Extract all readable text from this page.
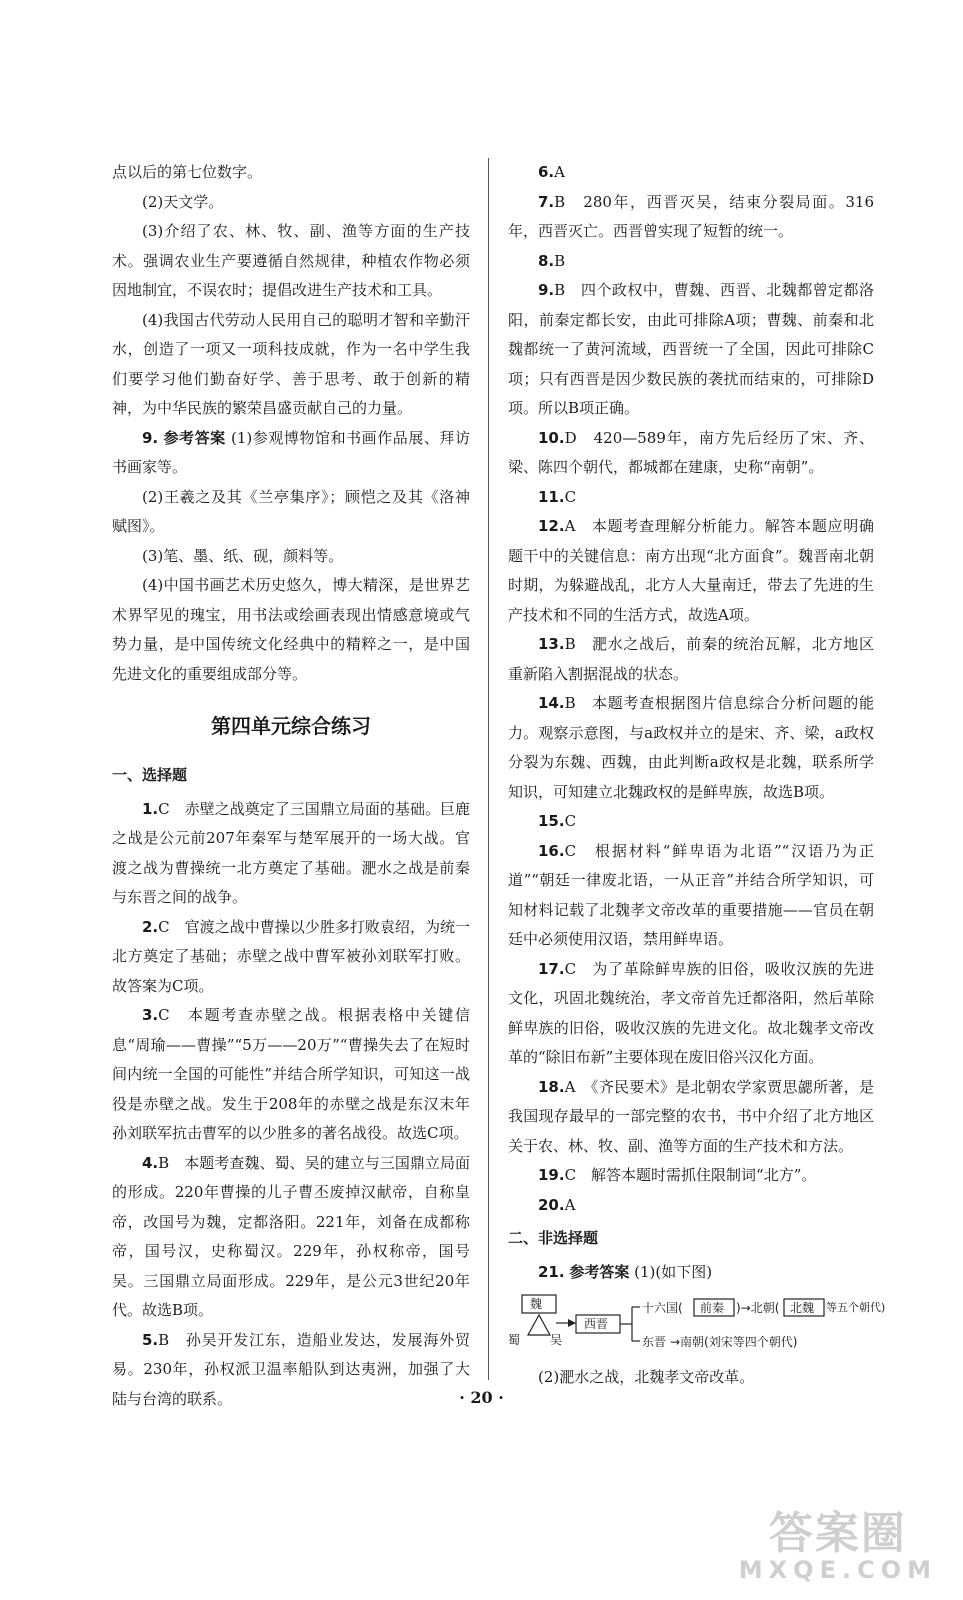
点以后的第七位数字。

(2)天文学。

(3)介绍了农、林、牧、副、渔等方面的生产技术。强调农业生产要遵循自然规律，种植农作物必须因地制宜，不误农时；提倡改进生产技术和工具。

(4)我国古代劳动人民用自己的聪明才智和辛勤汗水，创造了一项又一项科技成就，作为一名中学生我们要学习他们勤奋好学、善于思考、敢于创新的精神，为中华民族的繁荣昌盛贡献自己的力量。

9. 参考答案 (1)参观博物馆和书画作品展、拜访书画家等。

(2)王羲之及其《兰亭集序》；顾恺之及其《洛神赋图》。

(3)笔、墨、纸、砚，颜料等。

(4)中国书画艺术历史悠久，博大精深，是世界艺术界罕见的瑰宝，用书法或绘画表现出情感意境或气势力量，是中国传统文化经典中的精粹之一，是中国先进文化的重要组成部分等。

第四单元综合练习
一、选择题

1.C　赤壁之战奠定了三国鼎立局面的基础。巨鹿之战是公元前207年秦军与楚军展开的一场大战。官渡之战为曹操统一北方奠定了基础。淝水之战是前秦与东晋之间的战争。

2.C　官渡之战中曹操以少胜多打败袁绍，为统一北方奠定了基础；赤壁之战中曹军被孙刘联军打败。故答案为C项。

3.C　本题考查赤壁之战。根据表格中关键信息“周瑜——曹操”“5万——20万”“曹操失去了在短时间内统一全国的可能性”并结合所学知识，可知这一战役是赤壁之战。发生于208年的赤壁之战是东汉末年孙刘联军抗击曹军的以少胜多的著名战役。故选C项。

4.B　本题考查魏、蜀、吴的建立与三国鼎立局面的形成。220年曹操的儿子曹丕废掉汉献帝，自称皇帝，改国号为魏，定都洛阳。221年，刘备在成都称帝，国号汉，史称蜀汉。229年，孙权称帝，国号吴。三国鼎立局面形成。229年，是公元3世纪20年代。故选B项。

5.B　孙吴开发江东，造船业发达，发展海外贸易。230年，孙权派卫温率船队到达夷洲，加强了大陆与台湾的联系。

6.A

7.B　280年，西晋灭吴，结束分裂局面。316年，西晋灭亡。西晋曾实现了短暂的统一。

8.B

9.B　四个政权中，曹魏、西晋、北魏都曾定都洛阳，前秦定都长安，由此可排除A项；曹魏、前秦和北魏都统一了黄河流域，西晋统一了全国，因此可排除C项；只有西晋是因少数民族的袭扰而结束的，可排除D项。所以B项正确。

10.D　420—589年，南方先后经历了宋、齐、梁、陈四个朝代，都城都在建康，史称“南朝”。

11.C

12.A　本题考查理解分析能力。解答本题应明确题干中的关键信息：南方出现“北方面食”。魏晋南北朝时期，为躲避战乱，北方人大量南迁，带去了先进的生产技术和不同的生活方式，故选A项。

13.B　淝水之战后，前秦的统治瓦解，北方地区重新陷入割据混战的状态。

14.B　本题考查根据图片信息综合分析问题的能力。观察示意图，与a政权并立的是宋、齐、梁，a政权分裂为东魏、西魏，由此判断a政权是北魏，联系所学知识，可知建立北魏政权的是鲜卑族，故选B项。

15.C

16.C　根据材料“鲜卑语为北语”“汉语乃为正道”“朝廷一律废北语，一从正音”并结合所学知识，可知材料记载了北魏孝文帝改革的重要措施——官员在朝廷中必须使用汉语，禁用鲜卑语。

17.C　为了革除鲜卑族的旧俗，吸收汉族的先进文化，巩固北魏统治，孝文帝首先迁都洛阳，然后革除鲜卑族的旧俗，吸收汉族的先进文化。故北魏孝文帝改革的“除旧布新”主要体现在废旧俗兴汉化方面。

18.A　《齐民要术》是北朝农学家贾思勰所著，是我国现存最早的一部完整的农书，书中介绍了北方地区关于农、林、牧、副、渔等方面的生产技术和方法。

19.C　解答本题时需抓住限制词“北方”。

20.A

二、非选择题

21. 参考答案 (1)(如下图)

魏
蜀 吴
西晋
十六国( 前秦 )→北朝( 北魏 等五个朝代)
东晋 →南朝(刘宋等四个朝代)

(2)淝水之战，北魏孝文帝改革。

· 20 ·
答案圈
MXQE.COM
